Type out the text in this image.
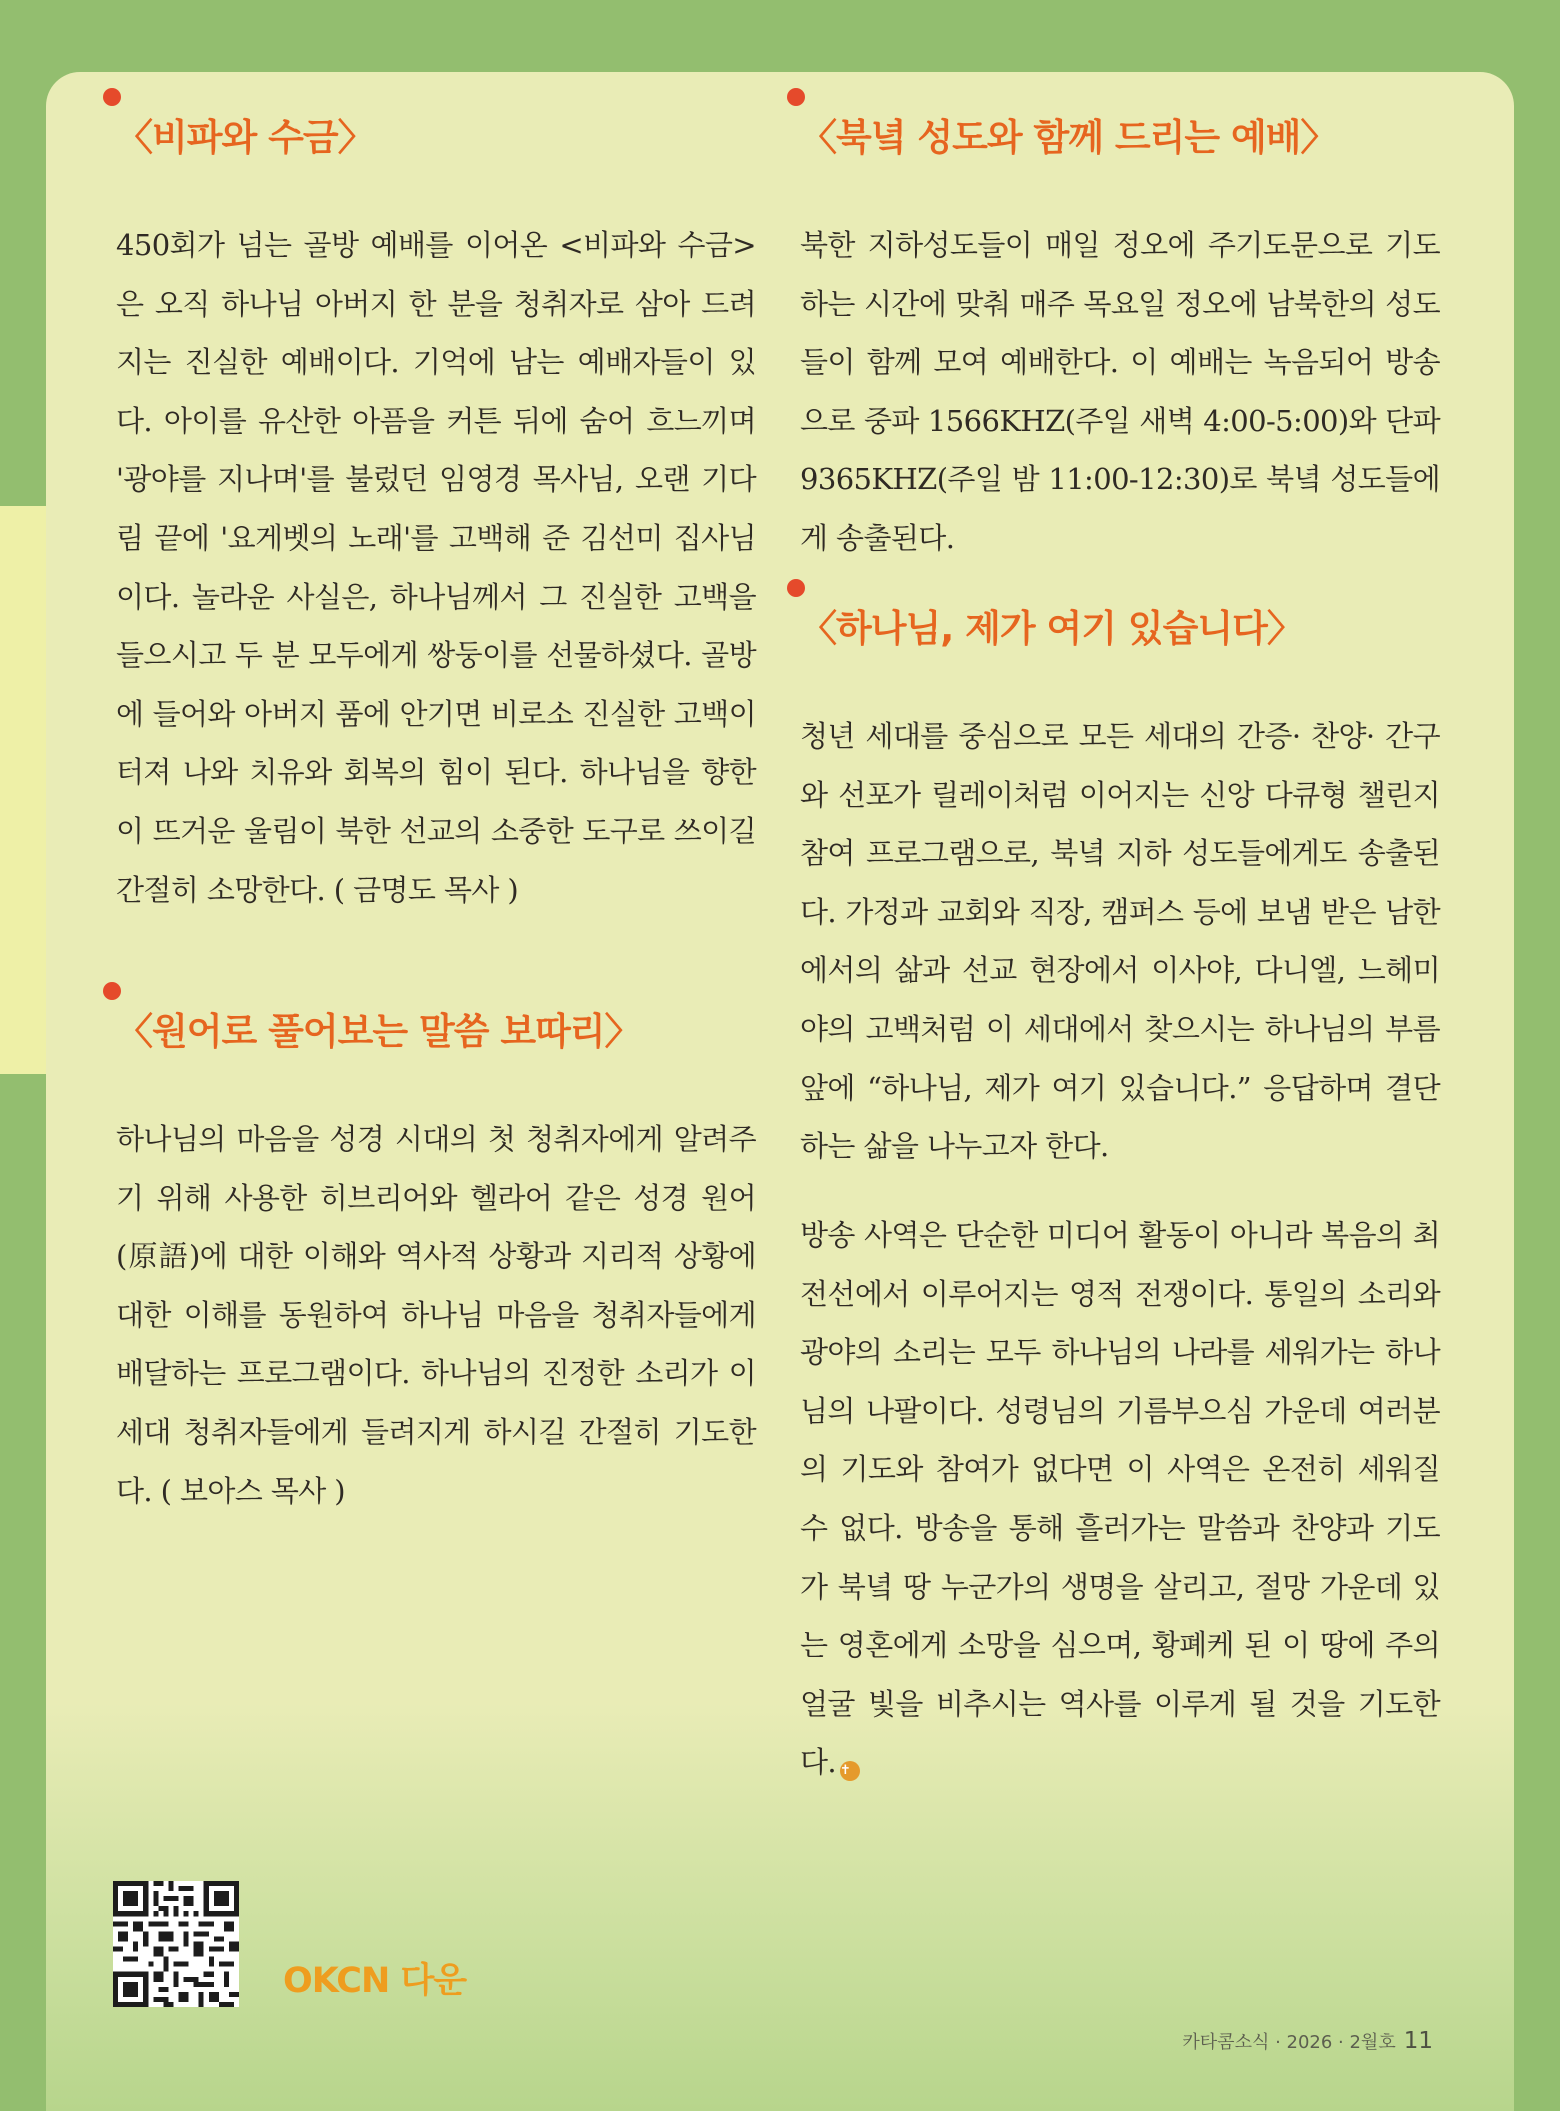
〈비파와 수금〉

450회가 넘는 골방 예배를 이어온 <비파와 수금>은 오직 하나님 아버지 한 분을 청취자로 삼아 드려지는 진실한 예배이다. 기억에 남는 예배자들이 있다. 아이를 유산한 아픔을 커튼 뒤에 숨어 흐느끼며 '광야를 지나며'를 불렀던 임영경 목사님, 오랜 기다림 끝에 '요게벳의 노래'를 고백해 준 김선미 집사님이다. 놀라운 사실은, 하나님께서 그 진실한 고백을 들으시고 두 분 모두에게 쌍둥이를 선물하셨다. 골방에 들어와 아버지 품에 안기면 비로소 진실한 고백이 터져 나와 치유와 회복의 힘이 된다. 하나님을 향한 이 뜨거운 울림이 북한 선교의 소중한 도구로 쓰이길 간절히 소망한다. ( 금명도 목사 )

〈원어로 풀어보는 말씀 보따리〉

하나님의 마음을 성경 시대의 첫 청취자에게 알려주기 위해 사용한 히브리어와 헬라어 같은 성경 원어(原語)에 대한 이해와 역사적 상황과 지리적 상황에 대한 이해를 동원하여 하나님 마음을 청취자들에게 배달하는 프로그램이다. 하나님의 진정한 소리가 이 세대 청취자들에게 들려지게 하시길 간절히 기도한다. ( 보아스 목사 )

〈북녘 성도와 함께 드리는 예배〉

북한 지하성도들이 매일 정오에 주기도문으로 기도하는 시간에 맞춰 매주 목요일 정오에 남북한의 성도들이 함께 모여 예배한다. 이 예배는 녹음되어 방송으로 중파 1566KHZ(주일 새벽 4:00-5:00)와 단파 9365KHZ(주일 밤 11:00-12:30)로 북녘 성도들에게 송출된다.

〈하나님, 제가 여기 있습니다〉

청년 세대를 중심으로 모든 세대의 간증· 찬양· 간구와 선포가 릴레이처럼 이어지는 신앙 다큐형 챌린지 참여 프로그램으로, 북녘 지하 성도들에게도 송출된다. 가정과 교회와 직장, 캠퍼스 등에 보냄 받은 남한에서의 삶과 선교 현장에서 이사야, 다니엘, 느헤미야의 고백처럼 이 세대에서 찾으시는 하나님의 부름 앞에 “하나님, 제가 여기 있습니다.” 응답하며 결단하는 삶을 나누고자 한다.

방송 사역은 단순한 미디어 활동이 아니라 복음의 최전선에서 이루어지는 영적 전쟁이다. 통일의 소리와 광야의 소리는 모두 하나님의 나라를 세워가는 하나님의 나팔이다. 성령님의 기름부으심 가운데 여러분의 기도와 참여가 없다면 이 사역은 온전히 세워질 수 없다. 방송을 통해 흘러가는 말씀과 찬양과 기도가 북녘 땅 누군가의 생명을 살리고, 절망 가운데 있는 영혼에게 소망을 심으며, 황폐케 된 이 땅에 주의 얼굴 빛을 비추시는 역사를 이루게 될 것을 기도한다. ✝

OKCN 다운
카타콤소식 · 2026 · 2월호 11
